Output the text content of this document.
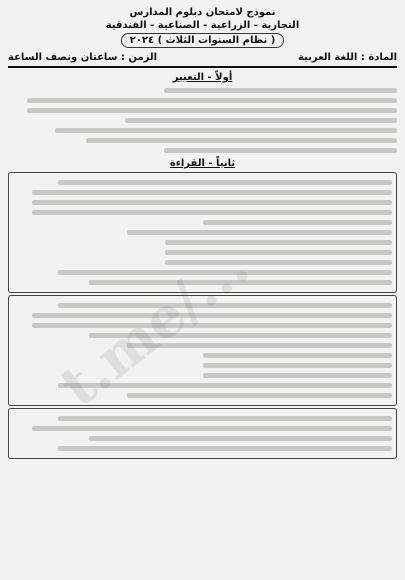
نموذج لامتحان دبلوم المدارس
التجارية - الزراعية - الصناعية - الفندقية
( نظام السنوات الثلاث ) ٢٠٢٤
المادة : اللغة العربية
الزمن : ساعتان ونصف الساعة
أولاً - التعبير
ثانياً - القراءة
